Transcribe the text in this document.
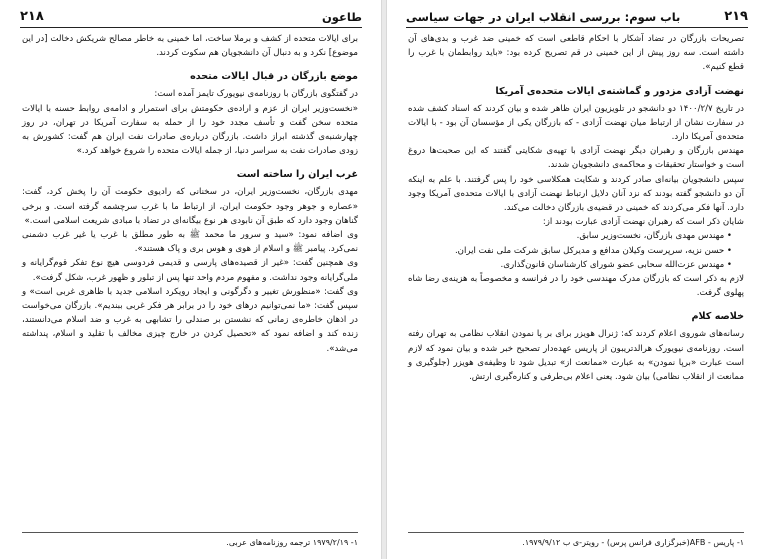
۲۱۸	طاعون

برای ایالات متحده از کشف و برملا ساخت، اما خمینی به خاطر مصالح شریکش دخالت [در این موضوع] نکرد و به دنبال آن دانشجویان هم سکوت کردند.

موضع بازرگان در قبال ایالات متحده

در گفتگوی بازرگان با روزنامه‌ی نیویورک تایمز آمده است:

«نخست‌وزیر ایران از عزم و اراده‌ی حکومتش برای استمرار و ادامه‌ی روابط حسنه با ایالات متحده سخن گفت و تأسف مجدد خود را از حمله به سفارت آمریکا در تهران، در روز چهارشنبه‌ی گذشته ابراز داشت. بازرگان درباره‌ی صادرات نفت ایران هم گفت: کشورش به زودی صادرات نفت به سراسر دنیا، از جمله ایالات متحده را شروع خواهد کرد.»

غرب ایران را ساخته است

مهدی بازرگان، نخست‌وزیر ایران، در سخنانی که رادیوی حکومت آن را پخش کرد، گفت: «عصاره و جوهر وجود حکومت ایران، از ارتباط ما با غرب سرچشمه گرفته است. و برخی گناهان وجود دارد که طبق آن نابودی هر نوع بیگانه‌ای در تضاد با مبادی شریعت اسلامی است.»

وی اضافه نمود: «سید و سرور ما محمد ﷺ به طور مطلق با غرب یا غیر غرب دشمنی نمی‌کرد. پیامبر ﷺ و اسلام از هوی و هوس بری و پاک هستند».

وی همچنین گفت: «غیر از قصیده‌های پارسی و قدیمی فردوسی هیچ نوع تفکر قوم‌گرایانه و ملی‌گرایانه وجود نداشت. و مفهوم مردم واحد تنها پس از تبلور و ظهور غرب، شکل گرفت».

وی گفت: «منظورش تغییر و دگرگونی و ایجاد رویکرد اسلامی جدید با ظاهری غربی است» و سپس گفت: «ما نمی‌توانیم درهای خود را در برابر هر فکر غربی ببندیم». بازرگان می‌خواست در اذهان خاطره‌ی زمانی که نشستن بر صندلی را تشابهی به غرب و ضد اسلام می‌دانستند، زنده کند و اضافه نمود که «تحصیل کردن در خارج چیزی مخالف با تقلید و اسلام، پنداشته می‌شد».

۱- ۱۹۷۹/۲/۱۹ ترجمه روزنامه‌های عربی.
۲۱۹
باب سوم: بررسی انقلاب ایران در جهات سیاسی

تصریحات بازرگان در تضاد آشکار با احکام قاطعی است که خمینی ضد غرب و بدی‌های آن داشته است. سه روز پیش از این خمینی در قم تصریح کرده بود: «باید روابطمان با غرب را قطع کنیم».

نهضت آزادی مزدور و گماشته‌ی ایالات متحده‌ی آمریکا

در تاریخ ۱۴۰۰/۲/۷ دو دانشجو در تلویزیون ایران ظاهر شده و بیان کردند که اسناد کشف شده در سفارت نشان از ارتباط میان نهضت آزادی - که بازرگان یکی از مؤسسان آن بود - با ایالات متحده‌ی آمریکا دارد.

مهندس بازرگان و رهبران دیگر نهضت آزادی با تهیه‌ی شکایتی گفتند که این صحبت‌ها دروغ است و خواستار تحقیقات و محاکمه‌ی دانشجویان شدند.

سپس دانشجویان بیانه‌ای صادر کردند و شکایت همکلاسی خود را پس گرفتند. با علم به اینکه آن دو دانشجو گفته بودند که نزد آنان دلایل ارتباط نهضت آزادی با ایالات متحده‌ی آمریکا وجود دارد. آنها فکر می‌کردند که خمینی در قضیه‌ی بازرگان دخالت می‌کند.

شایان ذکر است که رهبران نهضت آزادی عبارت بودند از:

• مهندس مهدی بازرگان، نخست‌وزیر سابق.
• حسن نزیه، سرپرست وکیلان مدافع و مدیرکل سابق شرکت ملی نفت ایران.
• مهندس عزت‌الله سحابی عضو شورای کارشناسان قانون‌گذاری.

لازم به ذکر است که بازرگان مدرک مهندسی خود را در فرانسه و مخصوصاً به هزینه‌ی رضا شاه پهلوی گرفت.

خلاصه کلام

رسانه‌های شوروی اعلام کردند که: ژنرال هویزر برای بر پا نمودن انقلاب نظامی به تهران رفته است. روزنامه‌ی نیویورک هرالدتریبون از پاریس عهده‌دار تصحیح خبر شده و بیان نمود که لازم است عبارت «برپا نمودن» به عبارت «ممانعت از» تبدیل شود تا وظیفه‌ی هویزر (جلوگیری و ممانعت از انقلاب نظامی) بیان شود. یعنی اعلام بی‌طرفی و کناره‌گیری ارتش.

۱- پاریس - AFB(خبرگزاری فرانس پرس) - رویتر-ی ب ۱۹۷۹/۹/۱۲.
